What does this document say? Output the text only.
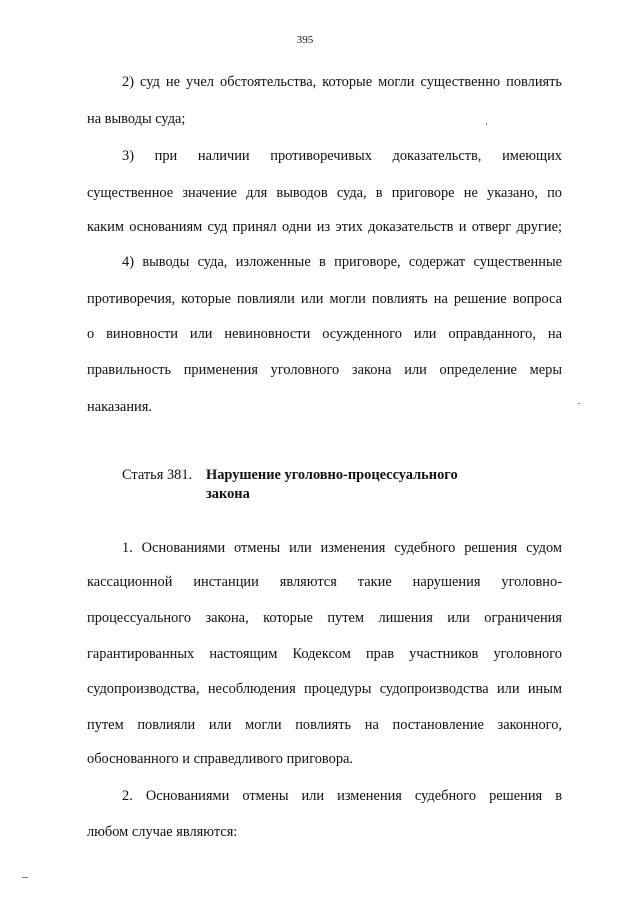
395
2) суд не учел обстоятельства, которые могли существенно повлиять
на выводы суда;
3) при наличии противоречивых доказательств, имеющих
существенное значение для выводов суда, в приговоре не указано, по
каким основаниям суд принял одни из этих доказательств и отверг другие;
4) выводы суда, изложенные в приговоре, содержат существенные
противоречия, которые повлияли или могли повлиять на решение вопроса
о виновности или невиновности осужденного или оправданного, на
правильность применения уголовного закона или определение меры
наказания.
Статья 381. Нарушение уголовно-процессуального
закона
1. Основаниями отмены или изменения судебного решения судом
кассационной инстанции являются такие нарушения уголовно-
процессуального закона, которые путем лишения или ограничения
гарантированных настоящим Кодексом прав участников уголовного
судопроизводства, несоблюдения процедуры судопроизводства или иным
путем повлияли или могли повлиять на постановление законного,
обоснованного и справедливого приговора.
2. Основаниями отмены или изменения судебного решения в
любом случае являются:
